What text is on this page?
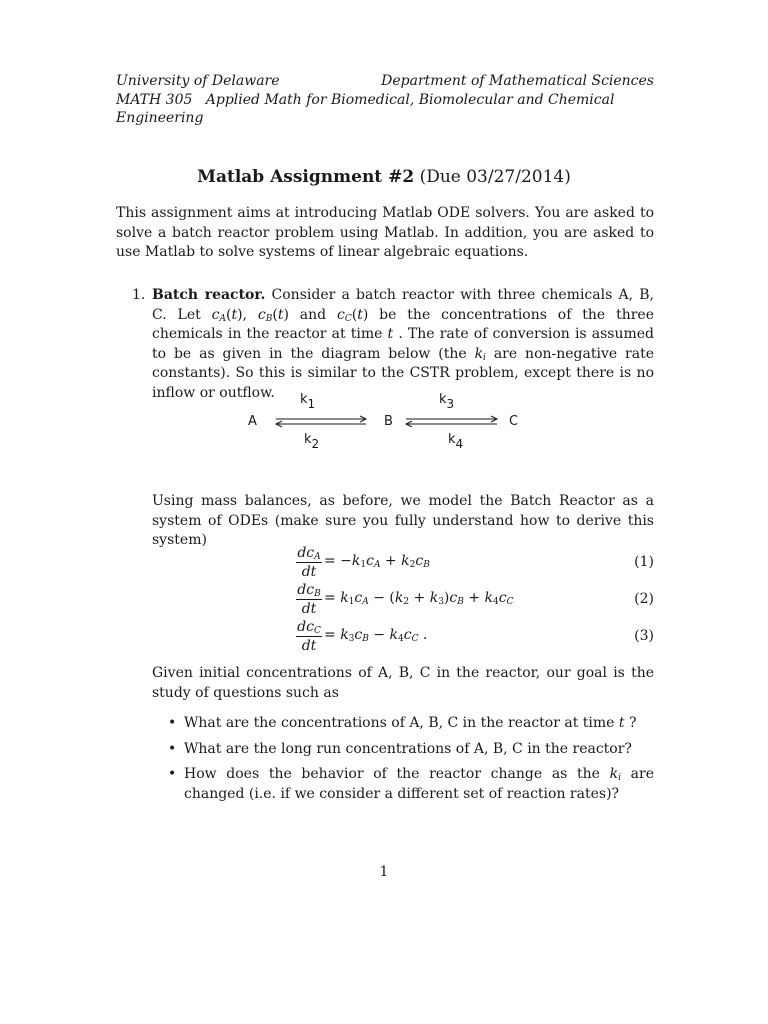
University of Delaware	Department of Mathematical Sciences
MATH 305 Applied Math for Biomedical, Biomolecular and Chemical Engineering
Matlab Assignment #2 (Due 03/27/2014)
This assignment aims at introducing Matlab ODE solvers. You are asked to solve a batch reactor problem using Matlab. In addition, you are asked to use Matlab to solve systems of linear algebraic equations.
1. Batch reactor. Consider a batch reactor with three chemicals A, B, C. Let $c_A(t)$, $c_B(t)$ and $c_C(t)$ be the concentrations of the three chemicals in the reactor at time t . The rate of conversion is assumed to be as given in the diagram below (the $k_i$ are non-negative rate constants). So this is similar to the CSTR problem, except there is no inflow or outflow.
A	B	C
$k_1$
$k_2$
$k_3$
$k_4$
Using mass balances, as before, we model the Batch Reactor as a system of ODEs (make sure you fully understand how to derive this system)
$dc_A$
dt
= $-k_1c_A + k_2c_B$	(1)
$dc_B$
dt
= $k_1c_A - (k_2 + k_3)c_B + k_4c_C$	(2)
$dc_C$
dt
= $k_3c_B - k_4c_C$ .	(3)
Given initial concentrations of A, B, C in the reactor, our goal is the study of questions such as
• What are the concentrations of A, B, C in the reactor at time t ?
• What are the long run concentrations of A, B, C in the reactor?
• How does the behavior of the reactor change as the $k_i$ are changed (i.e. if we consider a different set of reaction rates)?
1
